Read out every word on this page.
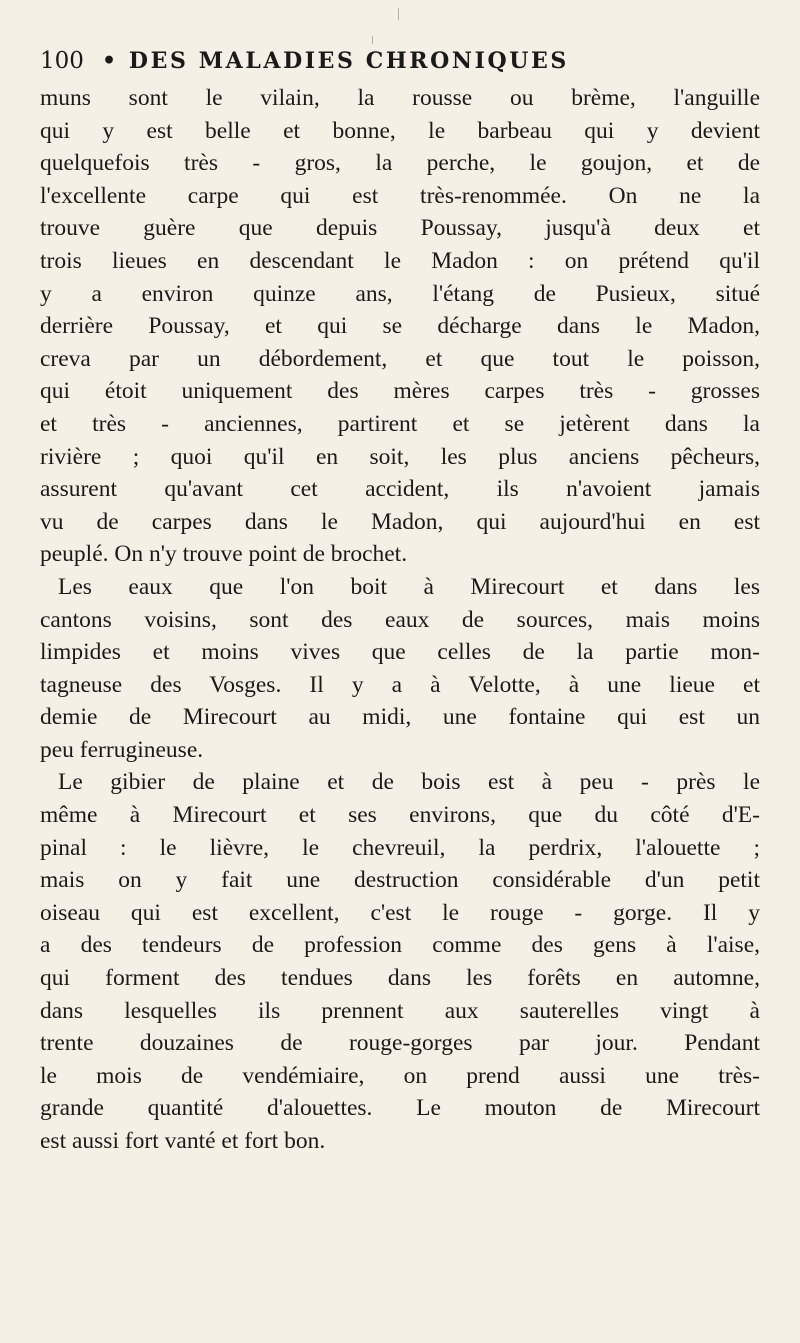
100 • DES MALADIES CHRONIQUES
muns sont le vilain, la rousse ou brème, l'anguille
qui y est belle et bonne, le barbeau qui y devient
quelquefois très - gros, la perche, le goujon, et de
l'excellente carpe qui est très-renommée. On ne la
trouve guère que depuis Poussay, jusqu'à deux et
trois lieues en descendant le Madon : on prétend qu'il
y a environ quinze ans, l'étang de Pusieux, situé
derrière Poussay, et qui se décharge dans le Madon,
creva par un débordement, et que tout le poisson,
qui étoit uniquement des mères carpes très - grosses
et très - anciennes, partirent et se jetèrent dans la
rivière ; quoi qu'il en soit, les plus anciens pêcheurs,
assurent qu'avant cet accident, ils n'avoient jamais
vu de carpes dans le Madon, qui aujourd'hui en est
peuplé. On n'y trouve point de brochet.
Les eaux que l'on boit à Mirecourt et dans les
cantons voisins, sont des eaux de sources, mais moins
limpides et moins vives que celles de la partie mon-
tagneuse des Vosges. Il y a à Velotte, à une lieue et
demie de Mirecourt au midi, une fontaine qui est un
peu ferrugineuse.
Le gibier de plaine et de bois est à peu - près le
même à Mirecourt et ses environs, que du côté d'E-
pinal : le lièvre, le chevreuil, la perdrix, l'alouette ;
mais on y fait une destruction considérable d'un petit
oiseau qui est excellent, c'est le rouge - gorge. Il y
a des tendeurs de profession comme des gens à l'aise,
qui forment des tendues dans les forêts en automne,
dans lesquelles ils prennent aux sauterelles vingt à
trente douzaines de rouge-gorges par jour. Pendant
le mois de vendémiaire, on prend aussi une très-
grande quantité d'alouettes. Le mouton de Mirecourt
est aussi fort vanté et fort bon.
